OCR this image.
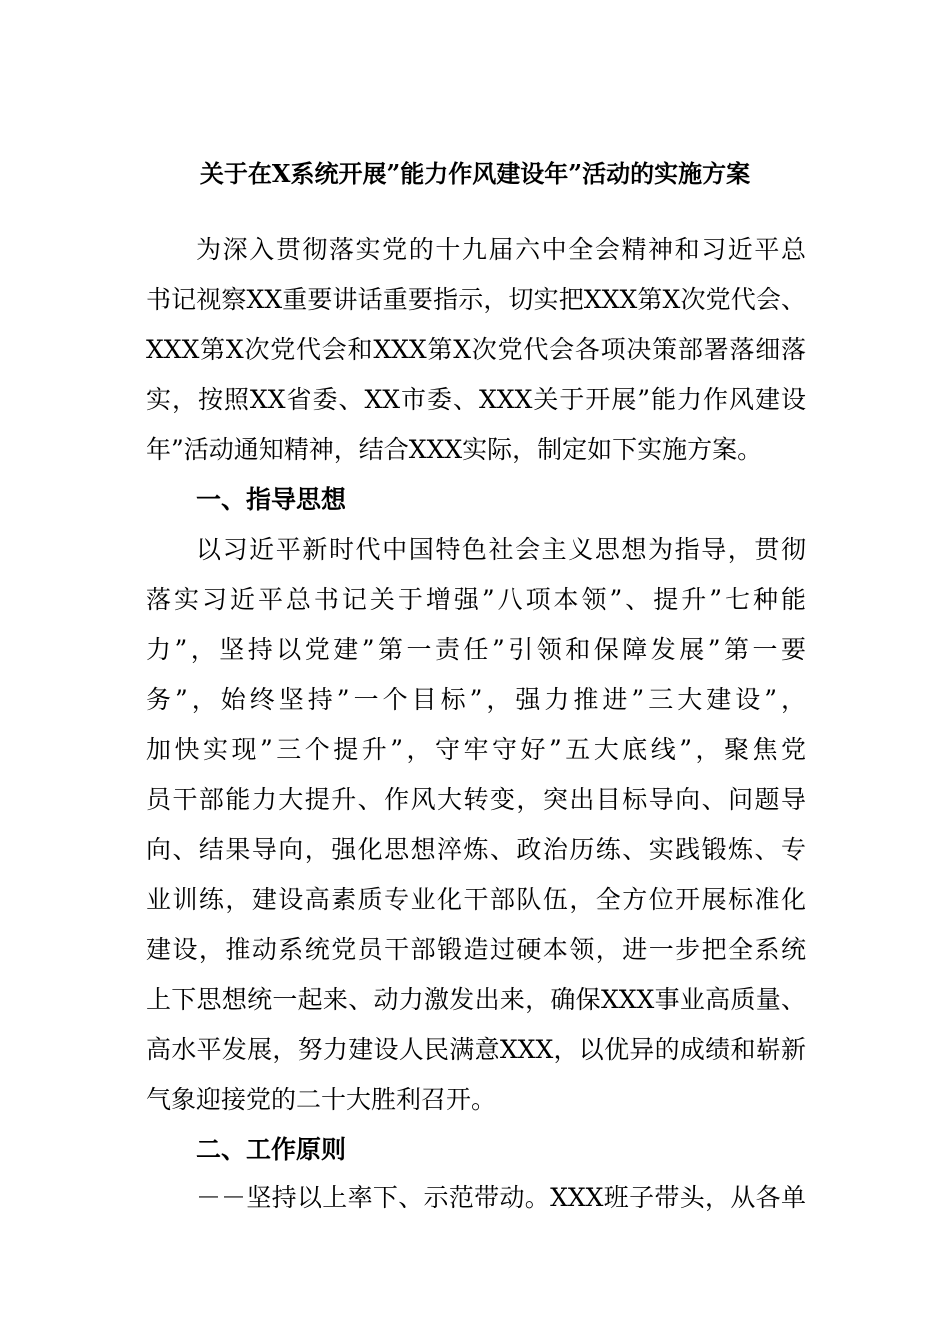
关于在X系统开展”能力作风建设年”活动的实施方案
为深入贯彻落实党的十九届六中全会精神和习近平总
书记视察XX重要讲话重要指示，切实把XXX第X次党代会、
XXX第X次党代会和XXX第X次党代会各项决策部署落细落
实，按照XX省委、XX市委、XXX关于开展”能力作风建设
年”活动通知精神，结合XXX实际，制定如下实施方案。
一、指导思想
以习近平新时代中国特色社会主义思想为指导，贯彻
落实习近平总书记关于增强”八项本领”、提升”七种能
力”，坚持以党建”第一责任”引领和保障发展”第一要
务”，始终坚持”一个目标”，强力推进”三大建设”，
加快实现”三个提升”，守牢守好”五大底线”，聚焦党
员干部能力大提升、作风大转变，突出目标导向、问题导
向、结果导向，强化思想淬炼、政治历练、实践锻炼、专
业训练，建设高素质专业化干部队伍，全方位开展标准化
建设，推动系统党员干部锻造过硬本领，进一步把全系统
上下思想统一起来、动力激发出来，确保XXX事业高质量、
高水平发展，努力建设人民满意XXX，以优异的成绩和崭新
气象迎接党的二十大胜利召开。
二、工作原则
－－坚持以上率下、示范带动。XXX班子带头，从各单
